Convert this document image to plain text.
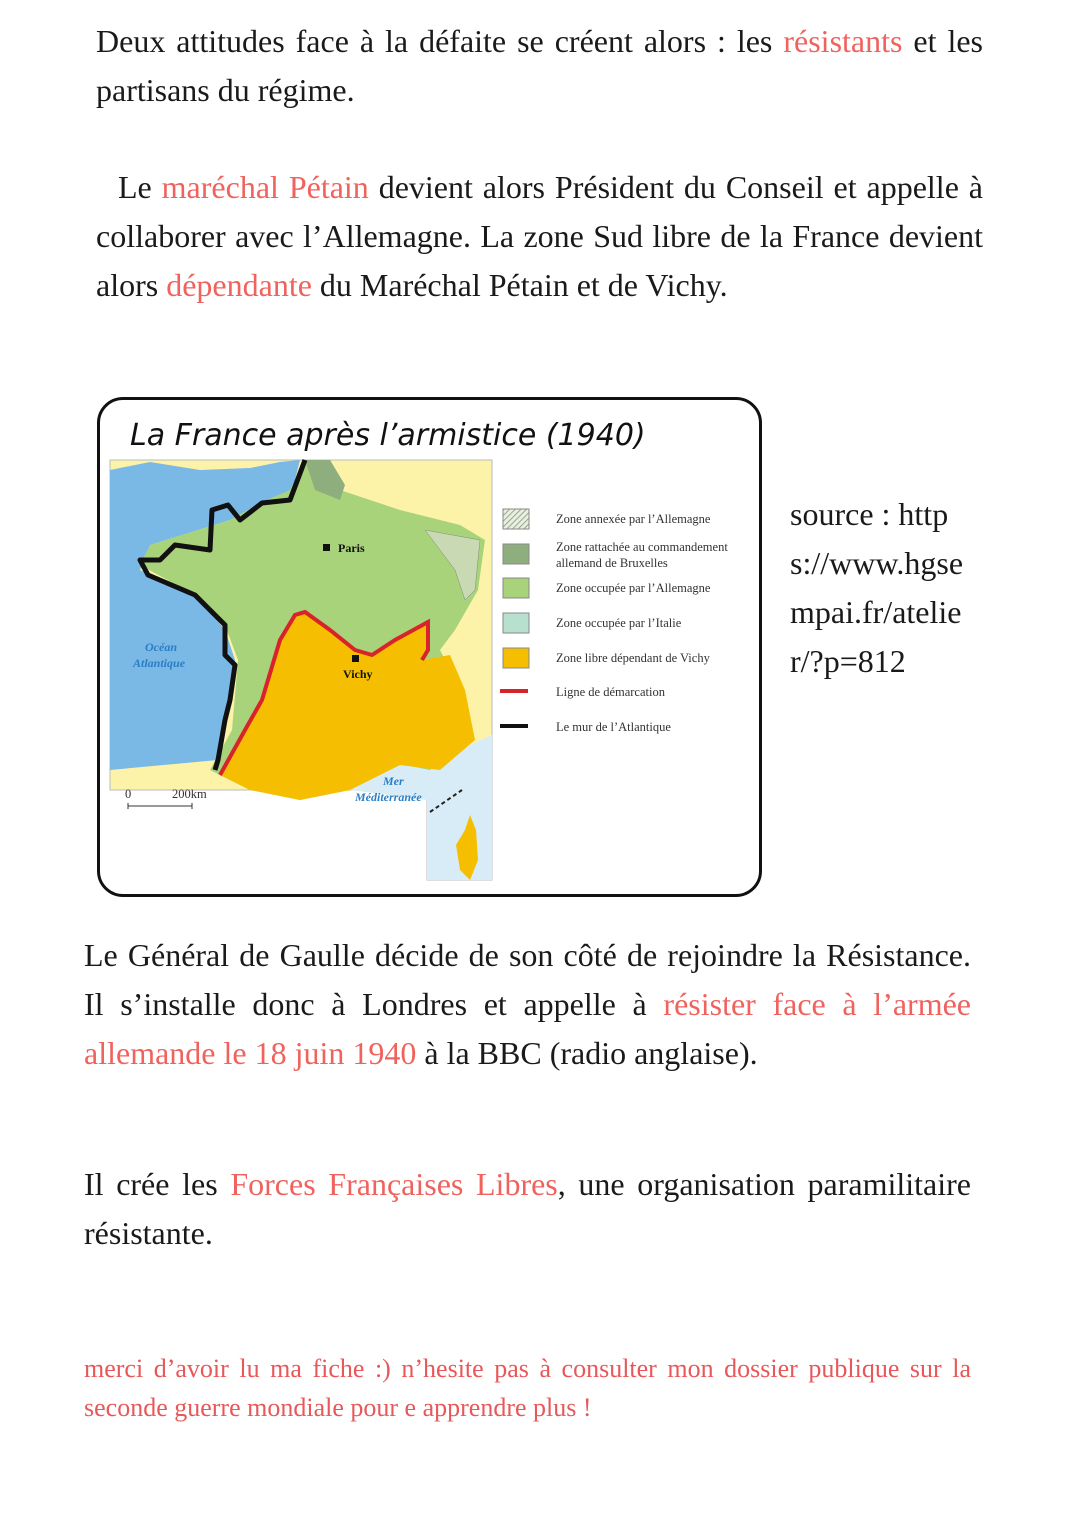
Deux attitudes face à la défaite se créent alors : les résistants et les partisans du régime.
Le maréchal Pétain devient alors Président du Conseil et appelle à collaborer avec l’Allemagne. La zone Sud libre de la France devient alors dépendante du Maréchal Pétain et de Vichy.
La France après l’armistice (1940)
Paris
Vichy
Océan
Atlantique
Mer
Méditerranée
0	200km
Zone annexée par l’Allemagne
Zone rattachée au commandement
allemand de Bruxelles
Zone occupée par l’Allemagne
Zone occupée par l’Italie
Zone libre dépendant de Vichy
Ligne de démarcation
Le mur de l’Atlantique
source : https://www.hgsempai.fr/atelier/?p=812
Le Général de Gaulle décide de son côté de rejoindre la Résistance. Il s’installe donc à Londres et appelle à résister face à l’armée allemande le 18 juin 1940 à la BBC (radio anglaise).
Il crée les Forces Françaises Libres, une organisation paramilitaire résistante.
merci d’avoir lu ma fiche :) n’hesite pas à consulter mon dossier publique sur la seconde guerre mondiale pour e apprendre plus !
